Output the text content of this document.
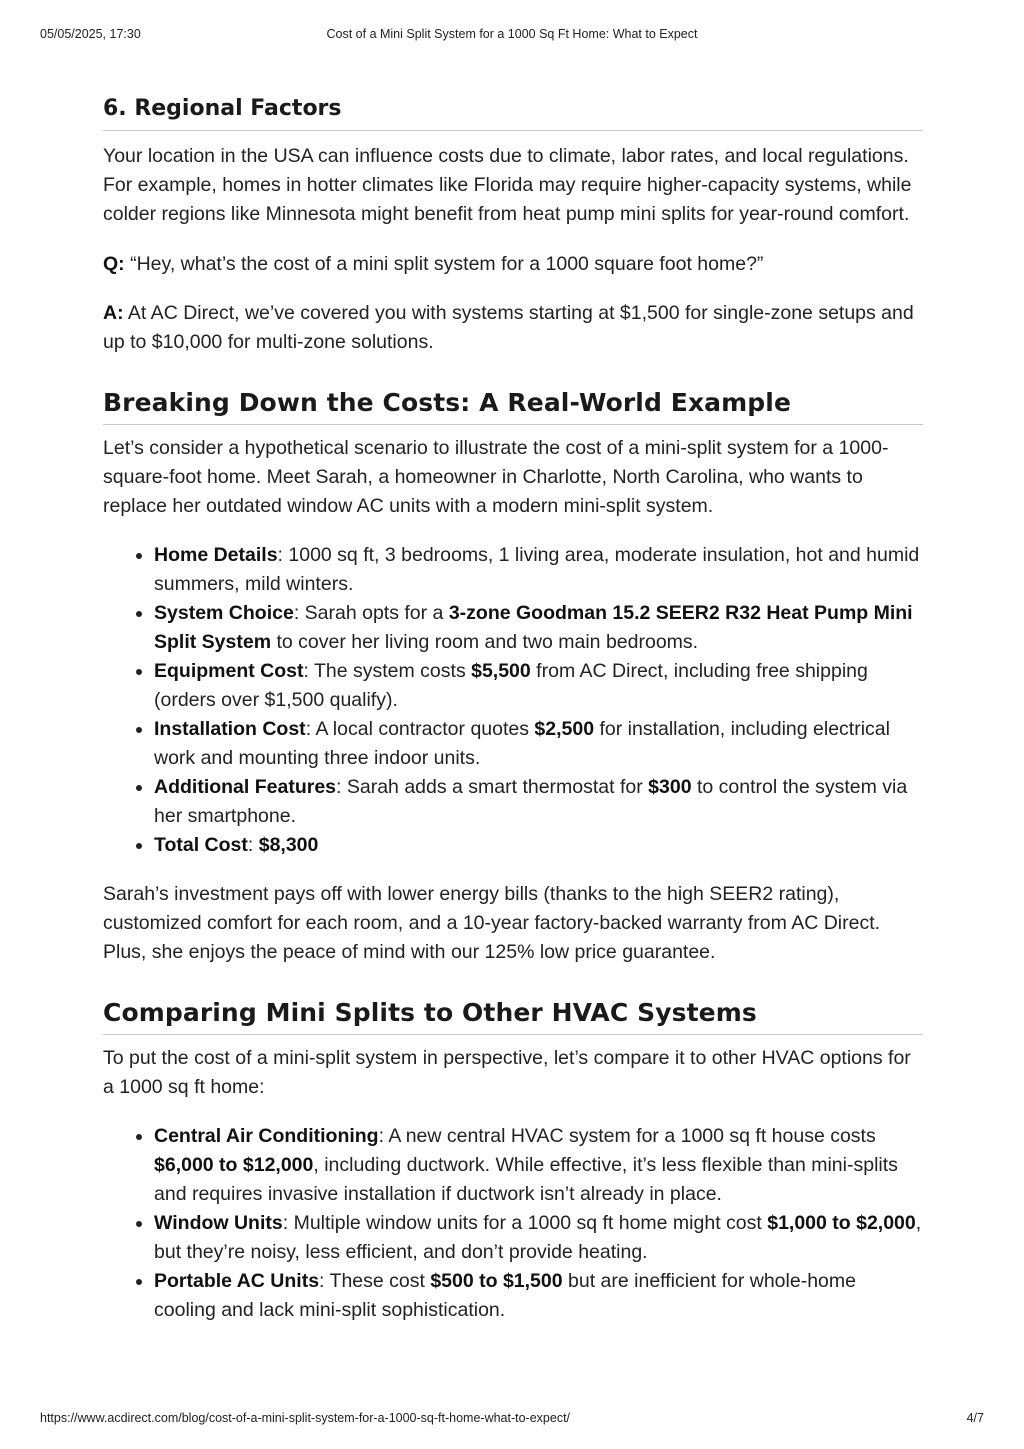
05/05/2025, 17:30	Cost of a Mini Split System for a 1000 Sq Ft Home: What to Expect
6. Regional Factors

Your location in the USA can influence costs due to climate, labor rates, and local regulations. For example, homes in hotter climates like Florida may require higher-capacity systems, while colder regions like Minnesota might benefit from heat pump mini splits for year-round comfort.

Q: “Hey, what’s the cost of a mini split system for a 1000 square foot home?”

A: At AC Direct, we’ve covered you with systems starting at $1,500 for single-zone setups and up to $10,000 for multi-zone solutions.

Breaking Down the Costs: A Real-World Example

Let’s consider a hypothetical scenario to illustrate the cost of a mini-split system for a 1000-square-foot home. Meet Sarah, a homeowner in Charlotte, North Carolina, who wants to replace her outdated window AC units with a modern mini-split system.

• Home Details: 1000 sq ft, 3 bedrooms, 1 living area, moderate insulation, hot and humid summers, mild winters.
• System Choice: Sarah opts for a 3-zone Goodman 15.2 SEER2 R32 Heat Pump Mini Split System to cover her living room and two main bedrooms.
• Equipment Cost: The system costs $5,500 from AC Direct, including free shipping (orders over $1,500 qualify).
• Installation Cost: A local contractor quotes $2,500 for installation, including electrical work and mounting three indoor units.
• Additional Features: Sarah adds a smart thermostat for $300 to control the system via her smartphone.
• Total Cost: $8,300

Sarah’s investment pays off with lower energy bills (thanks to the high SEER2 rating), customized comfort for each room, and a 10-year factory-backed warranty from AC Direct. Plus, she enjoys the peace of mind with our 125% low price guarantee.

Comparing Mini Splits to Other HVAC Systems

To put the cost of a mini-split system in perspective, let’s compare it to other HVAC options for a 1000 sq ft home:

• Central Air Conditioning: A new central HVAC system for a 1000 sq ft house costs $6,000 to $12,000, including ductwork. While effective, it’s less flexible than mini-splits and requires invasive installation if ductwork isn’t already in place.
• Window Units: Multiple window units for a 1000 sq ft home might cost $1,000 to $2,000, but they’re noisy, less efficient, and don’t provide heating.
• Portable AC Units: These cost $500 to $1,500 but are inefficient for whole-home cooling and lack mini-split sophistication.
https://www.acdirect.com/blog/cost-of-a-mini-split-system-for-a-1000-sq-ft-home-what-to-expect/	4/7
